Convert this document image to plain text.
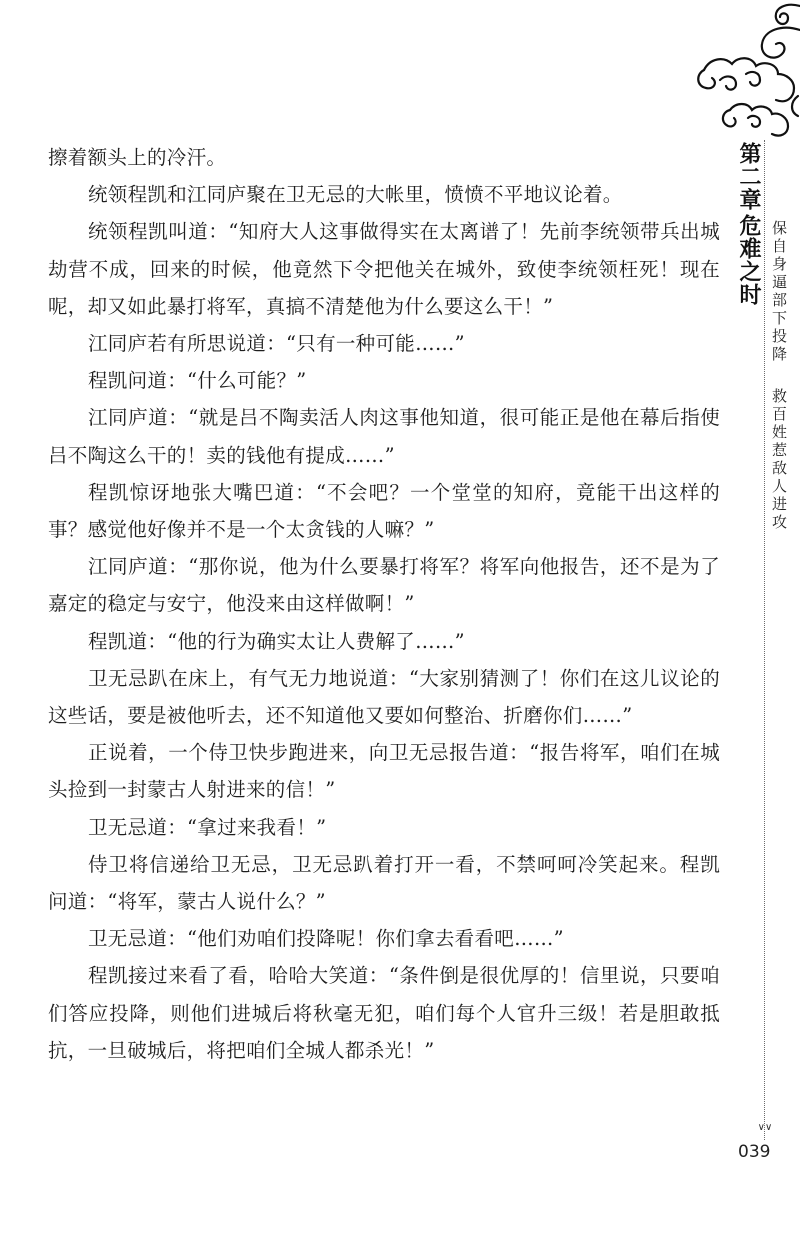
擦着额头上的冷汗。

统领程凯和江同庐聚在卫无忌的大帐里，愤愤不平地议论着。

统领程凯叫道：“知府大人这事做得实在太离谱了！先前李统领带兵出城劫营不成，回来的时候，他竟然下令把他关在城外，致使李统领枉死！现在呢，却又如此暴打将军，真搞不清楚他为什么要这么干！”

江同庐若有所思说道：“只有一种可能……”

程凯问道：“什么可能？”

江同庐道：“就是吕不陶卖活人肉这事他知道，很可能正是他在幕后指使吕不陶这么干的！卖的钱他有提成……”

程凯惊讶地张大嘴巴道：“不会吧？一个堂堂的知府，竟能干出这样的事？感觉他好像并不是一个太贪钱的人嘛？”

江同庐道：“那你说，他为什么要暴打将军？将军向他报告，还不是为了嘉定的稳定与安宁，他没来由这样做啊！”

程凯道：“他的行为确实太让人费解了……”

卫无忌趴在床上，有气无力地说道：“大家别猜测了！你们在这儿议论的这些话，要是被他听去，还不知道他又要如何整治、折磨你们……”

正说着，一个侍卫快步跑进来，向卫无忌报告道：“报告将军，咱们在城头捡到一封蒙古人射进来的信！”

卫无忌道：“拿过来我看！”

侍卫将信递给卫无忌，卫无忌趴着打开一看，不禁呵呵冷笑起来。程凯问道：“将军，蒙古人说什么？”

卫无忌道：“他们劝咱们投降呢！你们拿去看看吧……”

程凯接过来看了看，哈哈大笑道：“条件倒是很优厚的！信里说，只要咱们答应投降，则他们进城后将秋毫无犯，咱们每个人官升三级！若是胆敢抵抗，一旦破城后，将把咱们全城人都杀光！”

第二章 危难之时 保自身逼部下投降
救百姓惹敌人进攻
∨∨
039
